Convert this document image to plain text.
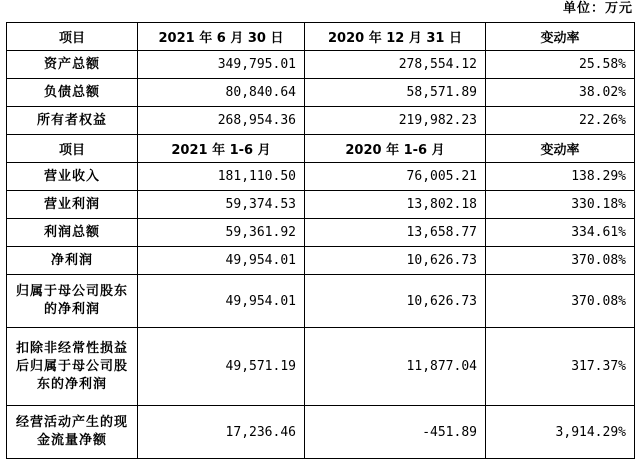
单位：万元
项目	2021 年 6 月 30 日	2020 年 12 月 31 日	变动率
资产总额	349,795.01	278,554.12	25.58%
负债总额	80,840.64	58,571.89	38.02%
所有者权益	268,954.36	219,982.23	22.26%
项目	2021 年 1-6 月	2020 年 1-6 月	变动率
营业收入	181,110.50	76,005.21	138.29%
营业利润	59,374.53	13,802.18	330.18%
利润总额	59,361.92	13,658.77	334.61%
净利润	49,954.01	10,626.73	370.08%
归属于母公司股东的净利润	49,954.01	10,626.73	370.08%
扣除非经常性损益后归属于母公司股东的净利润	49,571.19	11,877.04	317.37%
经营活动产生的现金流量净额	17,236.46	-451.89	3,914.29%
